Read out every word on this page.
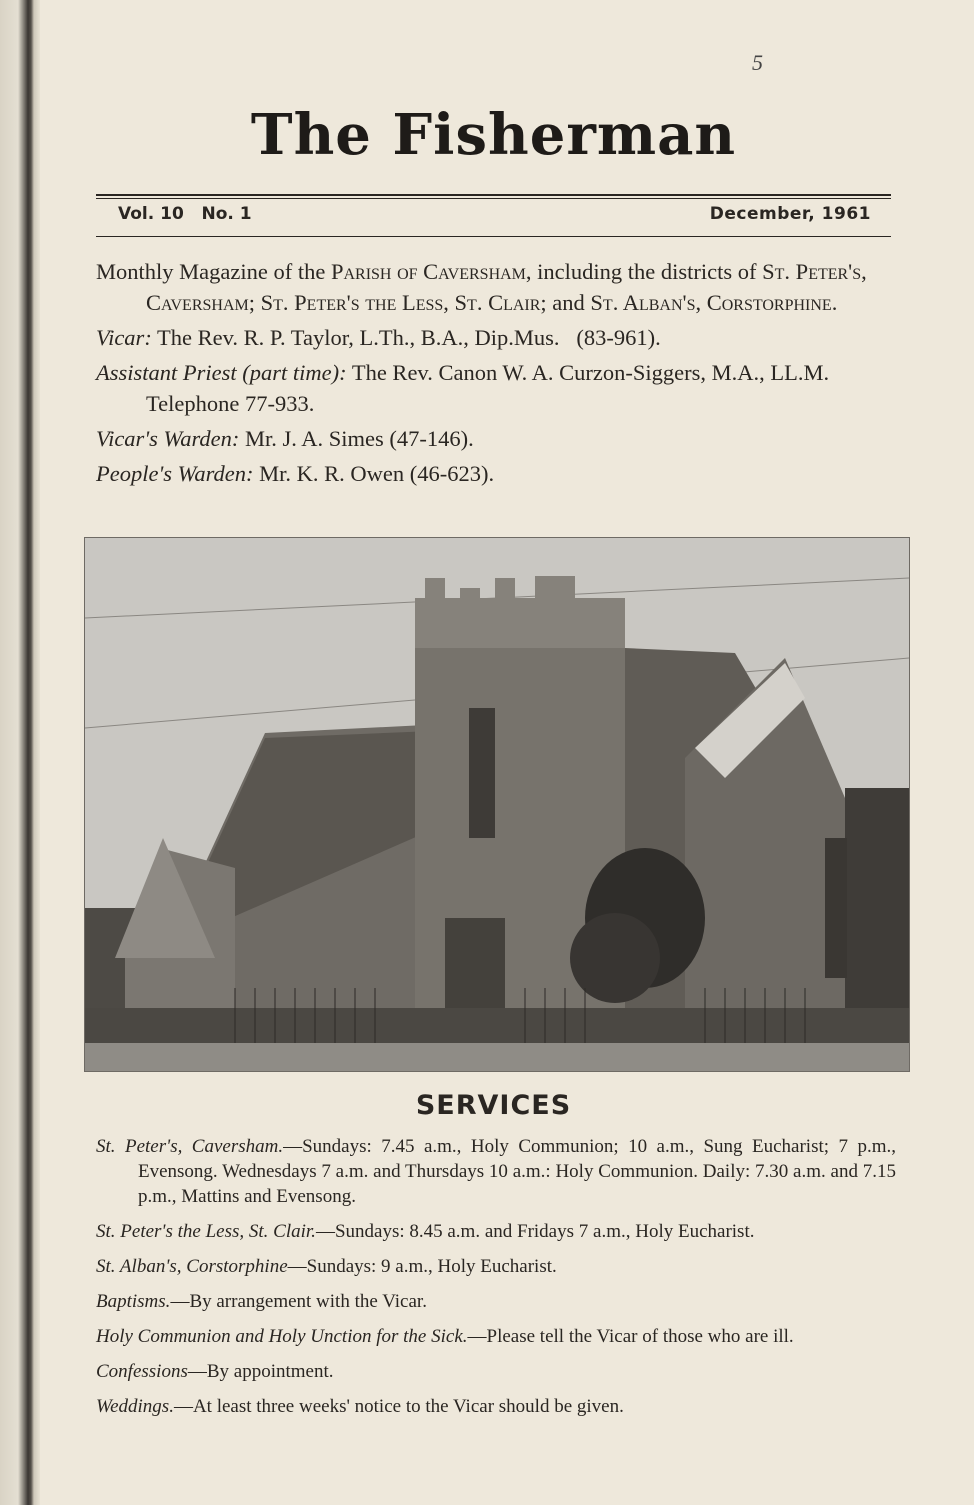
5
The Fisherman
Vol. 10   No. 1	December, 1961

Monthly Magazine of the Parish of Caversham, including the districts of St. Peter's, Caversham; St. Peter's the Less, St. Clair; and St. Alban's, Corstorphine.

Vicar: The Rev. R. P. Taylor, L.Th., B.A., Dip.Mus.   (83-961).

Assistant Priest (part time): The Rev. Canon W. A. Curzon-Siggers, M.A., LL.M.   Telephone 77-933.

Vicar's Warden: Mr. J. A. Simes (47-146).

People's Warden: Mr. K. R. Owen (46-623).

SERVICES

St. Peter's, Caversham.—Sundays: 7.45 a.m., Holy Communion; 10 a.m., Sung Eucharist; 7 p.m., Evensong. Wednesdays 7 a.m. and Thursdays 10 a.m.: Holy Communion. Daily: 7.30 a.m. and 7.15 p.m., Mattins and Evensong.

St. Peter's the Less, St. Clair.—Sundays: 8.45 a.m. and Fridays 7 a.m., Holy Eucharist.

St. Alban's, Corstorphine—Sundays: 9 a.m., Holy Eucharist.

Baptisms.—By arrangement with the Vicar.

Holy Communion and Holy Unction for the Sick.—Please tell the Vicar of those who are ill.

Confessions—By appointment.

Weddings.—At least three weeks' notice to the Vicar should be given.
